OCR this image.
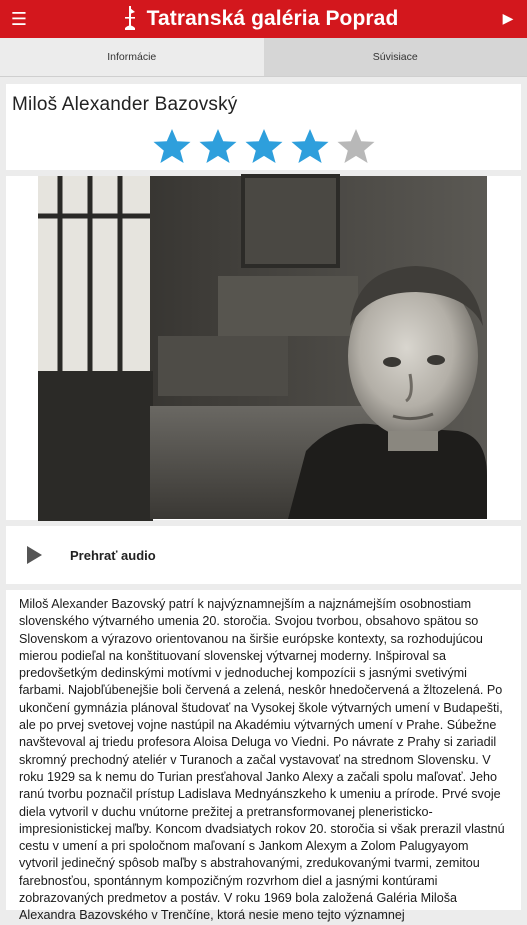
☰	Tatranská galéria Poprad	▶
Informácie	Súvisiace
Miloš Alexander Bazovský
Prehrať audio

Miloš Alexander Bazovský patrí k najvýznamnejším a najznámejším osobnostiam slovenského výtvarného umenia 20. storočia. Svojou tvorbou, obsahovo spätou so Slovenskom a výrazovo orientovanou na širšie európske kontexty, sa rozhodujúcou mierou podieľal na konštituovaní slovenskej výtvarnej moderny. Inšpiroval sa predovšetkým dedinskými motívmi v jednoduchej kompozícii s jasnými svetivými farbami. Najobľúbenejšie boli červená a zelená, neskôr hnedočervená a žltozelená. Po ukončení gymnázia plánoval študovať na Vysokej škole výtvarných umení v Budapešti, ale po prvej svetovej vojne nastúpil na Akadémiu výtvarných umení v Prahe. Súbežne navštevoval aj triedu profesora Aloisa Deluga vo Viedni. Po návrate z Prahy si zariadil skromný prechodný ateliér v Turanoch a začal vystavovať na strednom Slovensku. V roku 1929 sa k nemu do Turian presťahoval Janko Alexy a začali spolu maľovať. Jeho ranú tvorbu poznačil prístup Ladislava Mednyánszkeho k umeniu a prírode. Prvé svoje diela vytvoril v duchu vnútorne prežitej a pretransformovanej pleneristicko-impresionistickej maľby. Koncom dvadsiatych rokov 20. storočia si však prerazil vlastnú cestu v umení a pri spoločnom maľovaní s Jankom Alexym a Zolom Palugyayom vytvoril jedinečný spôsob maľby s abstrahovanými, zredukovanými tvarmi, zemitou farebnosťou, spontánnym kompozičným rozvrhom diel a jasnými kontúrami zobrazovaných predmetov a postáv. V roku 1969 bola založená Galéria Miloša Alexandra Bazovského v Trenčíne, ktorá nesie meno tejto významnej
